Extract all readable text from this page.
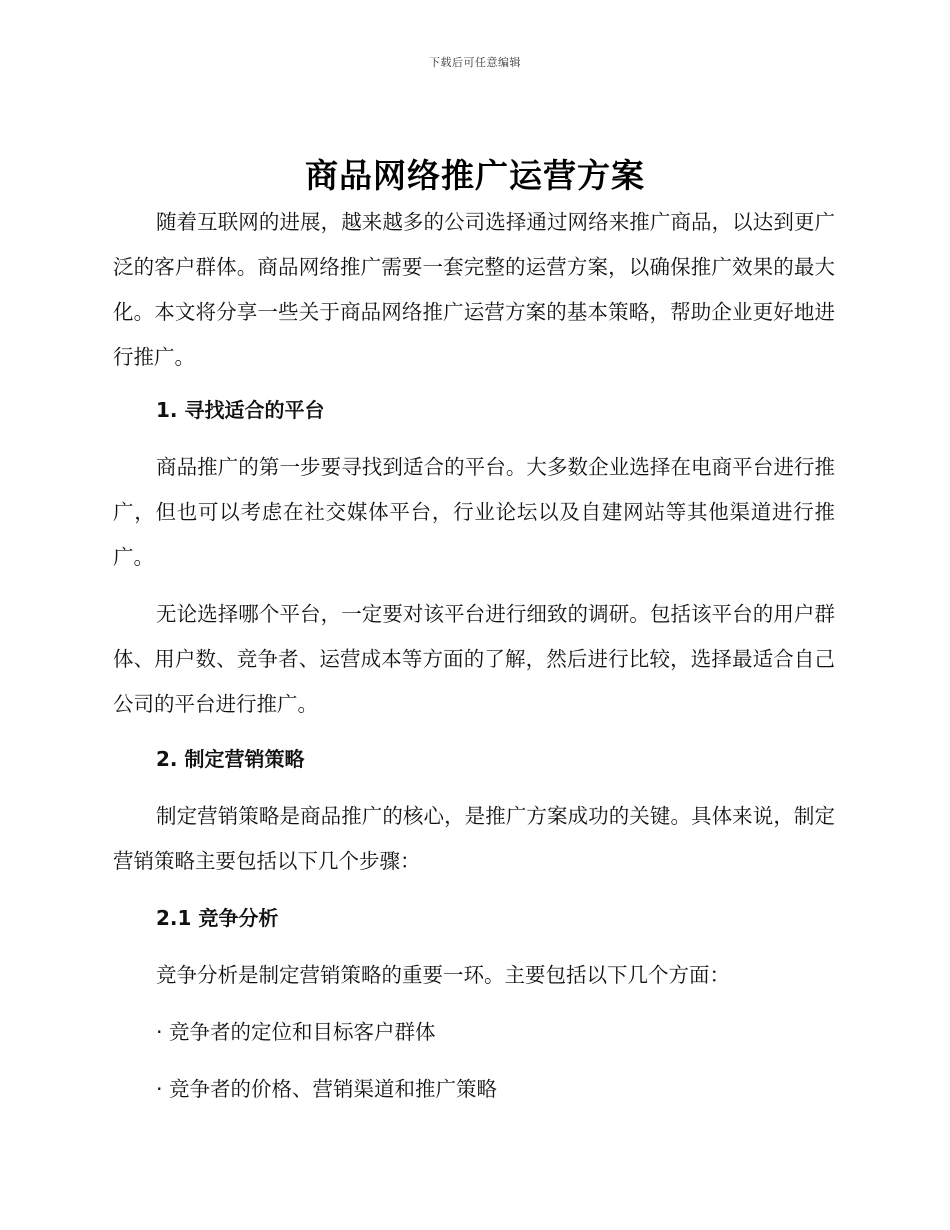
下载后可任意编辑
商品网络推广运营方案

随着互联网的进展，越来越多的公司选择通过网络来推广商品，以达到更广泛的客户群体。商品网络推广需要一套完整的运营方案，以确保推广效果的最大化。本文将分享一些关于商品网络推广运营方案的基本策略，帮助企业更好地进行推广。

1. 寻找适合的平台

商品推广的第一步要寻找到适合的平台。大多数企业选择在电商平台进行推广，但也可以考虑在社交媒体平台，行业论坛以及自建网站等其他渠道进行推广。

无论选择哪个平台，一定要对该平台进行细致的调研。包括该平台的用户群体、用户数、竞争者、运营成本等方面的了解，然后进行比较，选择最适合自己公司的平台进行推广。

2. 制定营销策略

制定营销策略是商品推广的核心，是推广方案成功的关键。具体来说，制定营销策略主要包括以下几个步骤：

2.1 竞争分析

竞争分析是制定营销策略的重要一环。主要包括以下几个方面：

· 竞争者的定位和目标客户群体

· 竞争者的价格、营销渠道和推广策略
